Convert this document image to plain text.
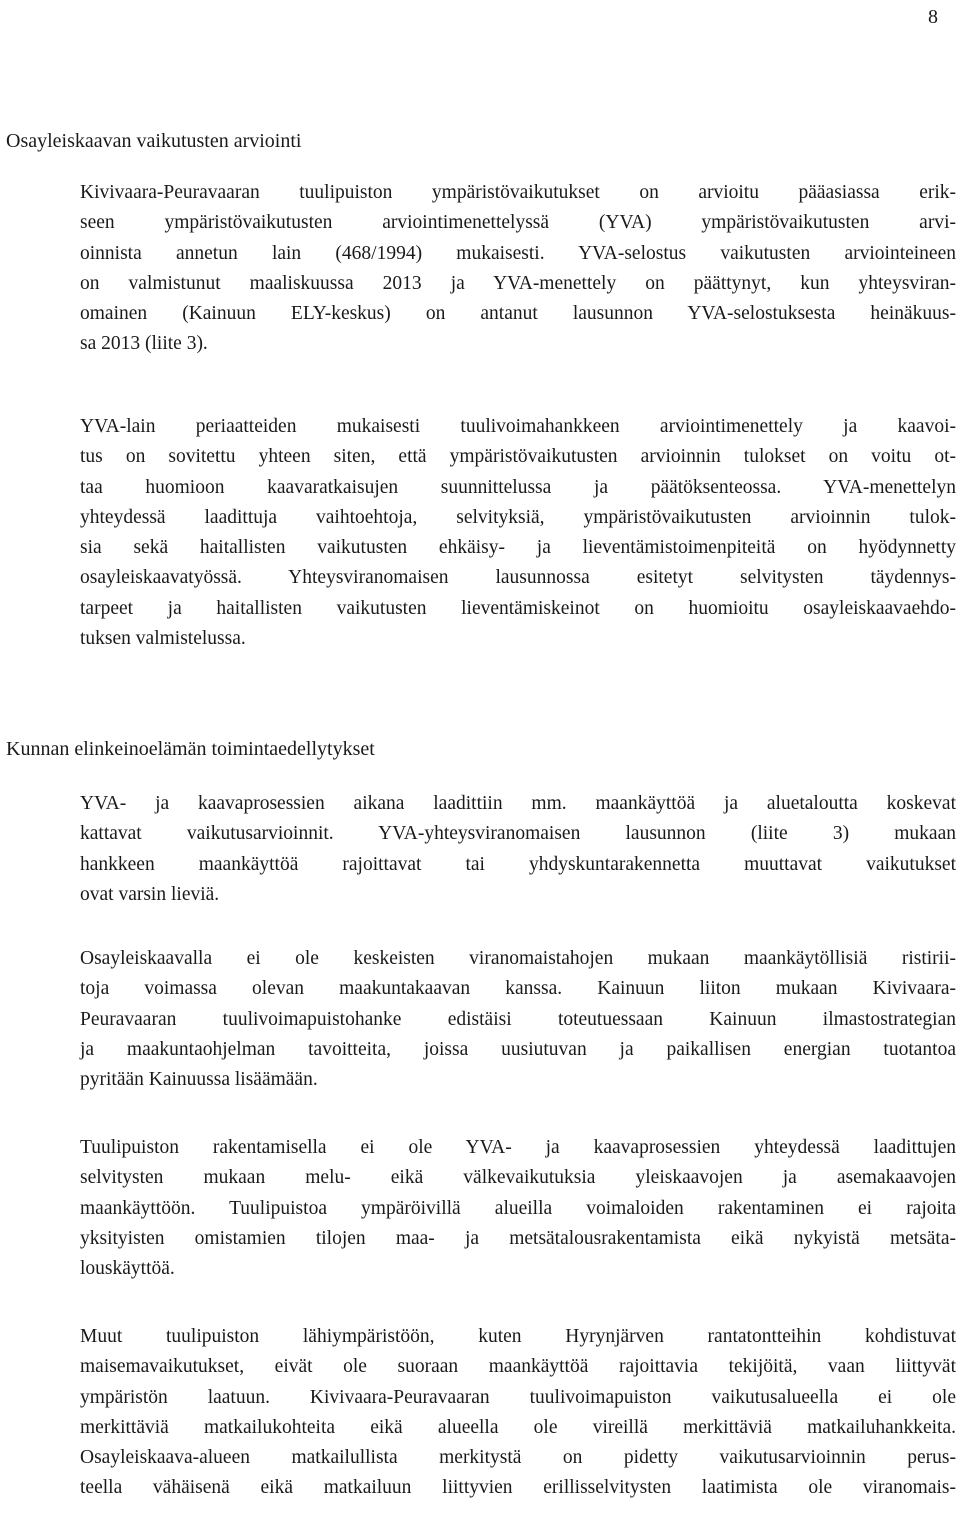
8
Osayleiskaavan vaikutusten arviointi
Kivivaara-Peuravaaran tuulipuiston ympäristövaikutukset on arvioitu pääasiassa erik-
seen ympäristövaikutusten arviointimenettelyssä (YVA) ympäristövaikutusten arvi-
oinnista annetun lain (468/1994) mukaisesti. YVA-selostus vaikutusten arviointeineen
on valmistunut maaliskuussa 2013 ja YVA-menettely on päättynyt, kun yhteysviran-
omainen (Kainuun ELY-keskus) on antanut lausunnon YVA-selostuksesta heinäkuus-
sa 2013 (liite 3).
YVA-lain periaatteiden mukaisesti tuulivoimahankkeen arviointimenettely ja kaavoi-
tus on sovitettu yhteen siten, että ympäristövaikutusten arvioinnin tulokset on voitu ot-
taa huomioon kaavaratkaisujen suunnittelussa ja päätöksenteossa. YVA-menettelyn
yhteydessä laadittuja vaihtoehtoja, selvityksiä, ympäristövaikutusten arvioinnin tulok-
sia sekä haitallisten vaikutusten ehkäisy- ja lieventämistoimenpiteitä on hyödynnetty
osayleiskaavatyössä. Yhteysviranomaisen lausunnossa esitetyt selvitysten täydennys-
tarpeet ja haitallisten vaikutusten lieventämiskeinot on huomioitu osayleiskaavaehdo-
tuksen valmistelussa.
Kunnan elinkeinoelämän toimintaedellytykset
YVA- ja kaavaprosessien aikana laadittiin mm. maankäyttöä ja aluetaloutta koskevat
kattavat vaikutusarvioinnit. YVA-yhteysviranomaisen lausunnon (liite 3) mukaan
hankkeen maankäyttöä rajoittavat tai yhdyskuntarakennetta muuttavat vaikutukset
ovat varsin lieviä.
Osayleiskaavalla ei ole keskeisten viranomaistahojen mukaan maankäytöllisiä ristirii-
toja voimassa olevan maakuntakaavan kanssa. Kainuun liiton mukaan Kivivaara-
Peuravaaran tuulivoimapuistohanke edistäisi toteutuessaan Kainuun ilmastostrategian
ja maakuntaohjelman tavoitteita, joissa uusiutuvan ja paikallisen energian tuotantoa
pyritään Kainuussa lisäämään.
Tuulipuiston rakentamisella ei ole YVA- ja kaavaprosessien yhteydessä laadittujen
selvitysten mukaan melu- eikä välkevaikutuksia yleiskaavojen ja asemakaavojen
maankäyttöön. Tuulipuistoa ympäröivillä alueilla voimaloiden rakentaminen ei rajoita
yksityisten omistamien tilojen maa- ja metsätalousrakentamista eikä nykyistä metsäta-
louskäyttöä.
Muut tuulipuiston lähiympäristöön, kuten Hyrynjärven rantatontteihin kohdistuvat
maisemavaikutukset, eivät ole suoraan maankäyttöä rajoittavia tekijöitä, vaan liittyvät
ympäristön laatuun. Kivivaara-Peuravaaran tuulivoimapuiston vaikutusalueella ei ole
merkittäviä matkailukohteita eikä alueella ole vireillä merkittäviä matkailuhankkeita.
Osayleiskaava-alueen matkailullista merkitystä on pidetty vaikutusarvioinnin perus-
teella vähäisenä eikä matkailuun liittyvien erillisselvitysten laatimista ole viranomais-
